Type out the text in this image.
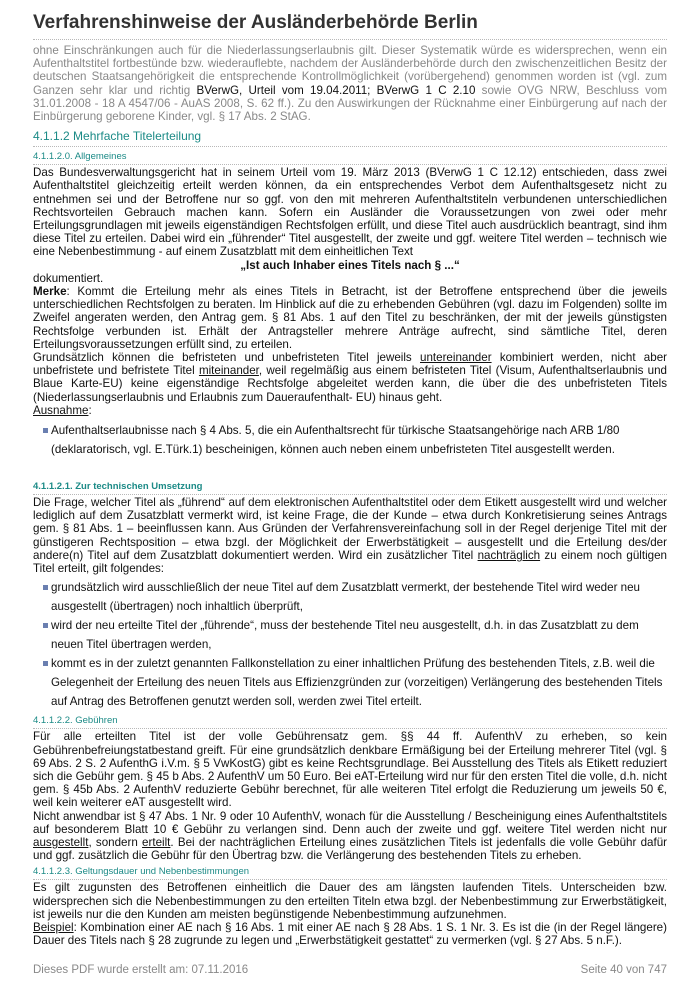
Verfahrenshinweise der Ausländerbehörde Berlin

ohne Einschränkungen auch für die Niederlassungserlaubnis gilt. Dieser Systematik würde es widersprechen, wenn ein Aufenthaltstitel fortbestünde bzw. wiederauflebte, nachdem der Ausländerbehörde durch den zwischenzeitlichen Besitz der deutschen Staatsangehörigkeit die entsprechende Kontrollmöglichkeit (vorübergehend) genommen worden ist (vgl. zum Ganzen sehr klar und richtig BVerwG, Urteil vom 19.04.2011; BVerwG 1 C 2.10 sowie OVG NRW, Beschluss vom 31.01.2008 - 18 A 4547/06 - AuAS 2008, S. 62 ff.). Zu den Auswirkungen der Rücknahme einer Einbürgerung auf nach der Einbürgerung geborene Kinder, vgl. § 17 Abs. 2 StAG.

4.1.1.2 Mehrfache Titelerteilung
4.1.1.2.0. Allgemeines

Das Bundesverwaltungsgericht hat in seinem Urteil vom 19. März 2013 (BVerwG 1 C 12.12) entschieden, dass zwei Aufenthaltstitel gleichzeitig erteilt werden können, da ein entsprechendes Verbot dem Aufenthaltsgesetz nicht zu entnehmen sei und der Betroffene nur so ggf. von den mit mehreren Aufenthaltstiteln verbundenen unterschiedlichen Rechtsvorteilen Gebrauch machen kann. Sofern ein Ausländer die Voraussetzungen von zwei oder mehr Erteilungsgrundlagen mit jeweils eigenständigen Rechtsfolgen erfüllt, und diese Titel auch ausdrücklich beantragt, sind ihm diese Titel zu erteilen. Dabei wird ein „führender“ Titel ausgestellt, der zweite und ggf. weitere Titel werden – technisch wie eine Nebenbestimmung - auf einem Zusatzblatt mit dem einheitlichen Text

„Ist auch Inhaber eines Titels nach § ...“

dokumentiert.

Merke: Kommt die Erteilung mehr als eines Titels in Betracht, ist der Betroffene entsprechend über die jeweils unterschiedlichen Rechtsfolgen zu beraten. Im Hinblick auf die zu erhebenden Gebühren (vgl. dazu im Folgenden) sollte im Zweifel angeraten werden, den Antrag gem. § 81 Abs. 1 auf den Titel zu beschränken, der mit der jeweils günstigsten Rechtsfolge verbunden ist. Erhält der Antragsteller mehrere Anträge aufrecht, sind sämtliche Titel, deren Erteilungsvoraussetzungen erfüllt sind, zu erteilen.

Grundsätzlich können die befristeten und unbefristeten Titel jeweils untereinander kombiniert werden, nicht aber unbefristete und befristete Titel miteinander, weil regelmäßig aus einem befristeten Titel (Visum, Aufenthaltserlaubnis und Blaue Karte-EU) keine eigenständige Rechtsfolge abgeleitet werden kann, die über die des unbefristeten Titels (Niederlassungserlaubnis und Erlaubnis zum Daueraufenthalt- EU) hinaus geht.

Ausnahme:

Aufenthaltserlaubnisse nach § 4 Abs. 5, die ein Aufenthaltsrecht für türkische Staatsangehörige nach ARB 1/80 (deklaratorisch, vgl. E.Türk.1) bescheinigen, können auch neben einem unbefristeten Titel ausgestellt werden.
4.1.1.2.1. Zur technischen Umsetzung

Die Frage, welcher Titel als „führend“ auf dem elektronischen Aufenthaltstitel oder dem Etikett ausgestellt wird und welcher lediglich auf dem Zusatzblatt vermerkt wird, ist keine Frage, die der Kunde – etwa durch Konkretisierung seines Antrags gem. § 81 Abs. 1 – beeinflussen kann. Aus Gründen der Verfahrensvereinfachung soll in der Regel derjenige Titel mit der günstigeren Rechtsposition – etwa bzgl. der Möglichkeit der Erwerbstätigkeit – ausgestellt und die Erteilung des/der andere(n) Titel auf dem Zusatzblatt dokumentiert werden. Wird ein zusätzlicher Titel nachträglich zu einem noch gültigen Titel erteilt, gilt folgendes:

grundsätzlich wird ausschließlich der neue Titel auf dem Zusatzblatt vermerkt, der bestehende Titel wird weder neu ausgestellt (übertragen) noch inhaltlich überprüft,
wird der neu erteilte Titel der „führende“, muss der bestehende Titel neu ausgestellt, d.h. in das Zusatzblatt zu dem neuen Titel übertragen werden,
kommt es in der zuletzt genannten Fallkonstellation zu einer inhaltlichen Prüfung des bestehenden Titels, z.B. weil die Gelegenheit der Erteilung des neuen Titels aus Effizienzgründen zur (vorzeitigen) Verlängerung des bestehenden Titels auf Antrag des Betroffenen genutzt werden soll, werden zwei Titel erteilt.
4.1.1.2.2. Gebühren

Für alle erteilten Titel ist der volle Gebührensatz gem. §§ 44 ff. AufenthV zu erheben, so kein Gebührenbefreiungstatbestand greift. Für eine grundsätzlich denkbare Ermäßigung bei der Erteilung mehrerer Titel (vgl. § 69 Abs. 2 S. 2 AufenthG i.V.m. § 5 VwKostG) gibt es keine Rechtsgrundlage. Bei Ausstellung des Titels als Etikett reduziert sich die Gebühr gem. § 45 b Abs. 2 AufenthV um 50 Euro. Bei eAT-Erteilung wird nur für den ersten Titel die volle, d.h. nicht gem. § 45b Abs. 2 AufenthV reduzierte Gebühr berechnet, für alle weiteren Titel erfolgt die Reduzierung um jeweils 50 €, weil kein weiterer eAT ausgestellt wird.

Nicht anwendbar ist § 47 Abs. 1 Nr. 9 oder 10 AufenthV, wonach für die Ausstellung / Bescheinigung eines Aufenthaltstitels auf besonderem Blatt 10 € Gebühr zu verlangen sind. Denn auch der zweite und ggf. weitere Titel werden nicht nur ausgestellt, sondern erteilt. Bei der nachträglichen Erteilung eines zusätzlichen Titels ist jedenfalls die volle Gebühr dafür und ggf. zusätzlich die Gebühr für den Übertrag bzw. die Verlängerung des bestehenden Titels zu erheben.

4.1.1.2.3. Geltungsdauer und Nebenbestimmungen

Es gilt zugunsten des Betroffenen einheitlich die Dauer des am längsten laufenden Titels. Unterscheiden bzw. widersprechen sich die Nebenbestimmungen zu den erteilten Titeln etwa bzgl. der Nebenbestimmung zur Erwerbstätigkeit, ist jeweils nur die den Kunden am meisten begünstigende Nebenbestimmung aufzunehmen.

Beispiel: Kombination einer AE nach § 16 Abs. 1 mit einer AE nach § 28 Abs. 1 S. 1 Nr. 3. Es ist die (in der Regel längere) Dauer des Titels nach § 28 zugrunde zu legen und „Erwerbstätigkeit gestattet“ zu vermerken (vgl. § 27 Abs. 5 n.F.).

Dieses PDF wurde erstellt am: 07.11.2016	Seite 40 von 747
